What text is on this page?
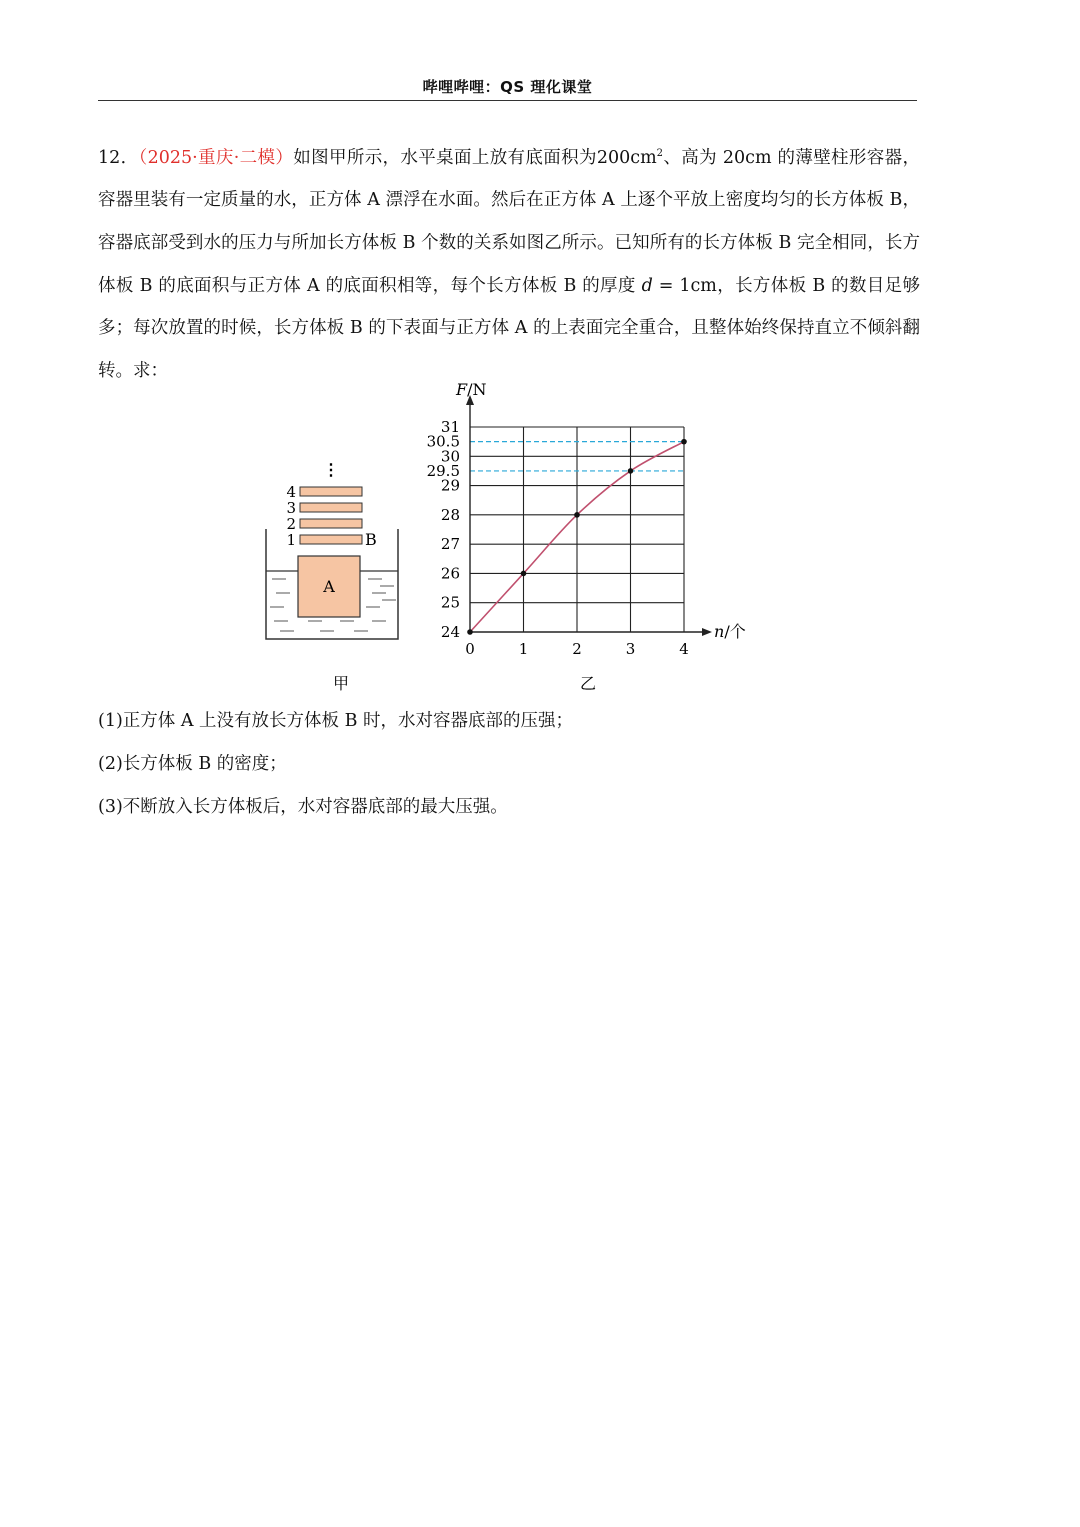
哔哩哔哩：QS 理化课堂

12．（2025·重庆·二模）如图甲所示，水平桌面上放有底面积为$200cm^2$、高为 20cm 的薄壁柱形容器，容器里装有一定质量的水，正方体 A 漂浮在水面。然后在正方体 A 上逐个平放上密度均匀的长方体板 B，容器底部受到水的压力与所加长方体板 B 个数的关系如图乙所示。已知所有的长方体板 B 完全相同，长方体板 B 的底面积与正方体 A 的底面积相等，每个长方体板 B 的厚度 d = 1cm，长方体板 B 的数目足够多；每次放置的时候，长方体板 B 的下表面与正方体 A 的上表面完全重合，且整体始终保持直立不倾斜翻转。求：

A
1
2
3
4
B
⋮
甲
F/N
n/个
24
25
26
27
28
29
29.5
30
30.5
31
0	1	2	3	4
乙

(1)正方体 A 上没有放长方体板 B 时，水对容器底部的压强；

(2)长方体板 B 的密度；

(3)不断放入长方体板后，水对容器底部的最大压强。
